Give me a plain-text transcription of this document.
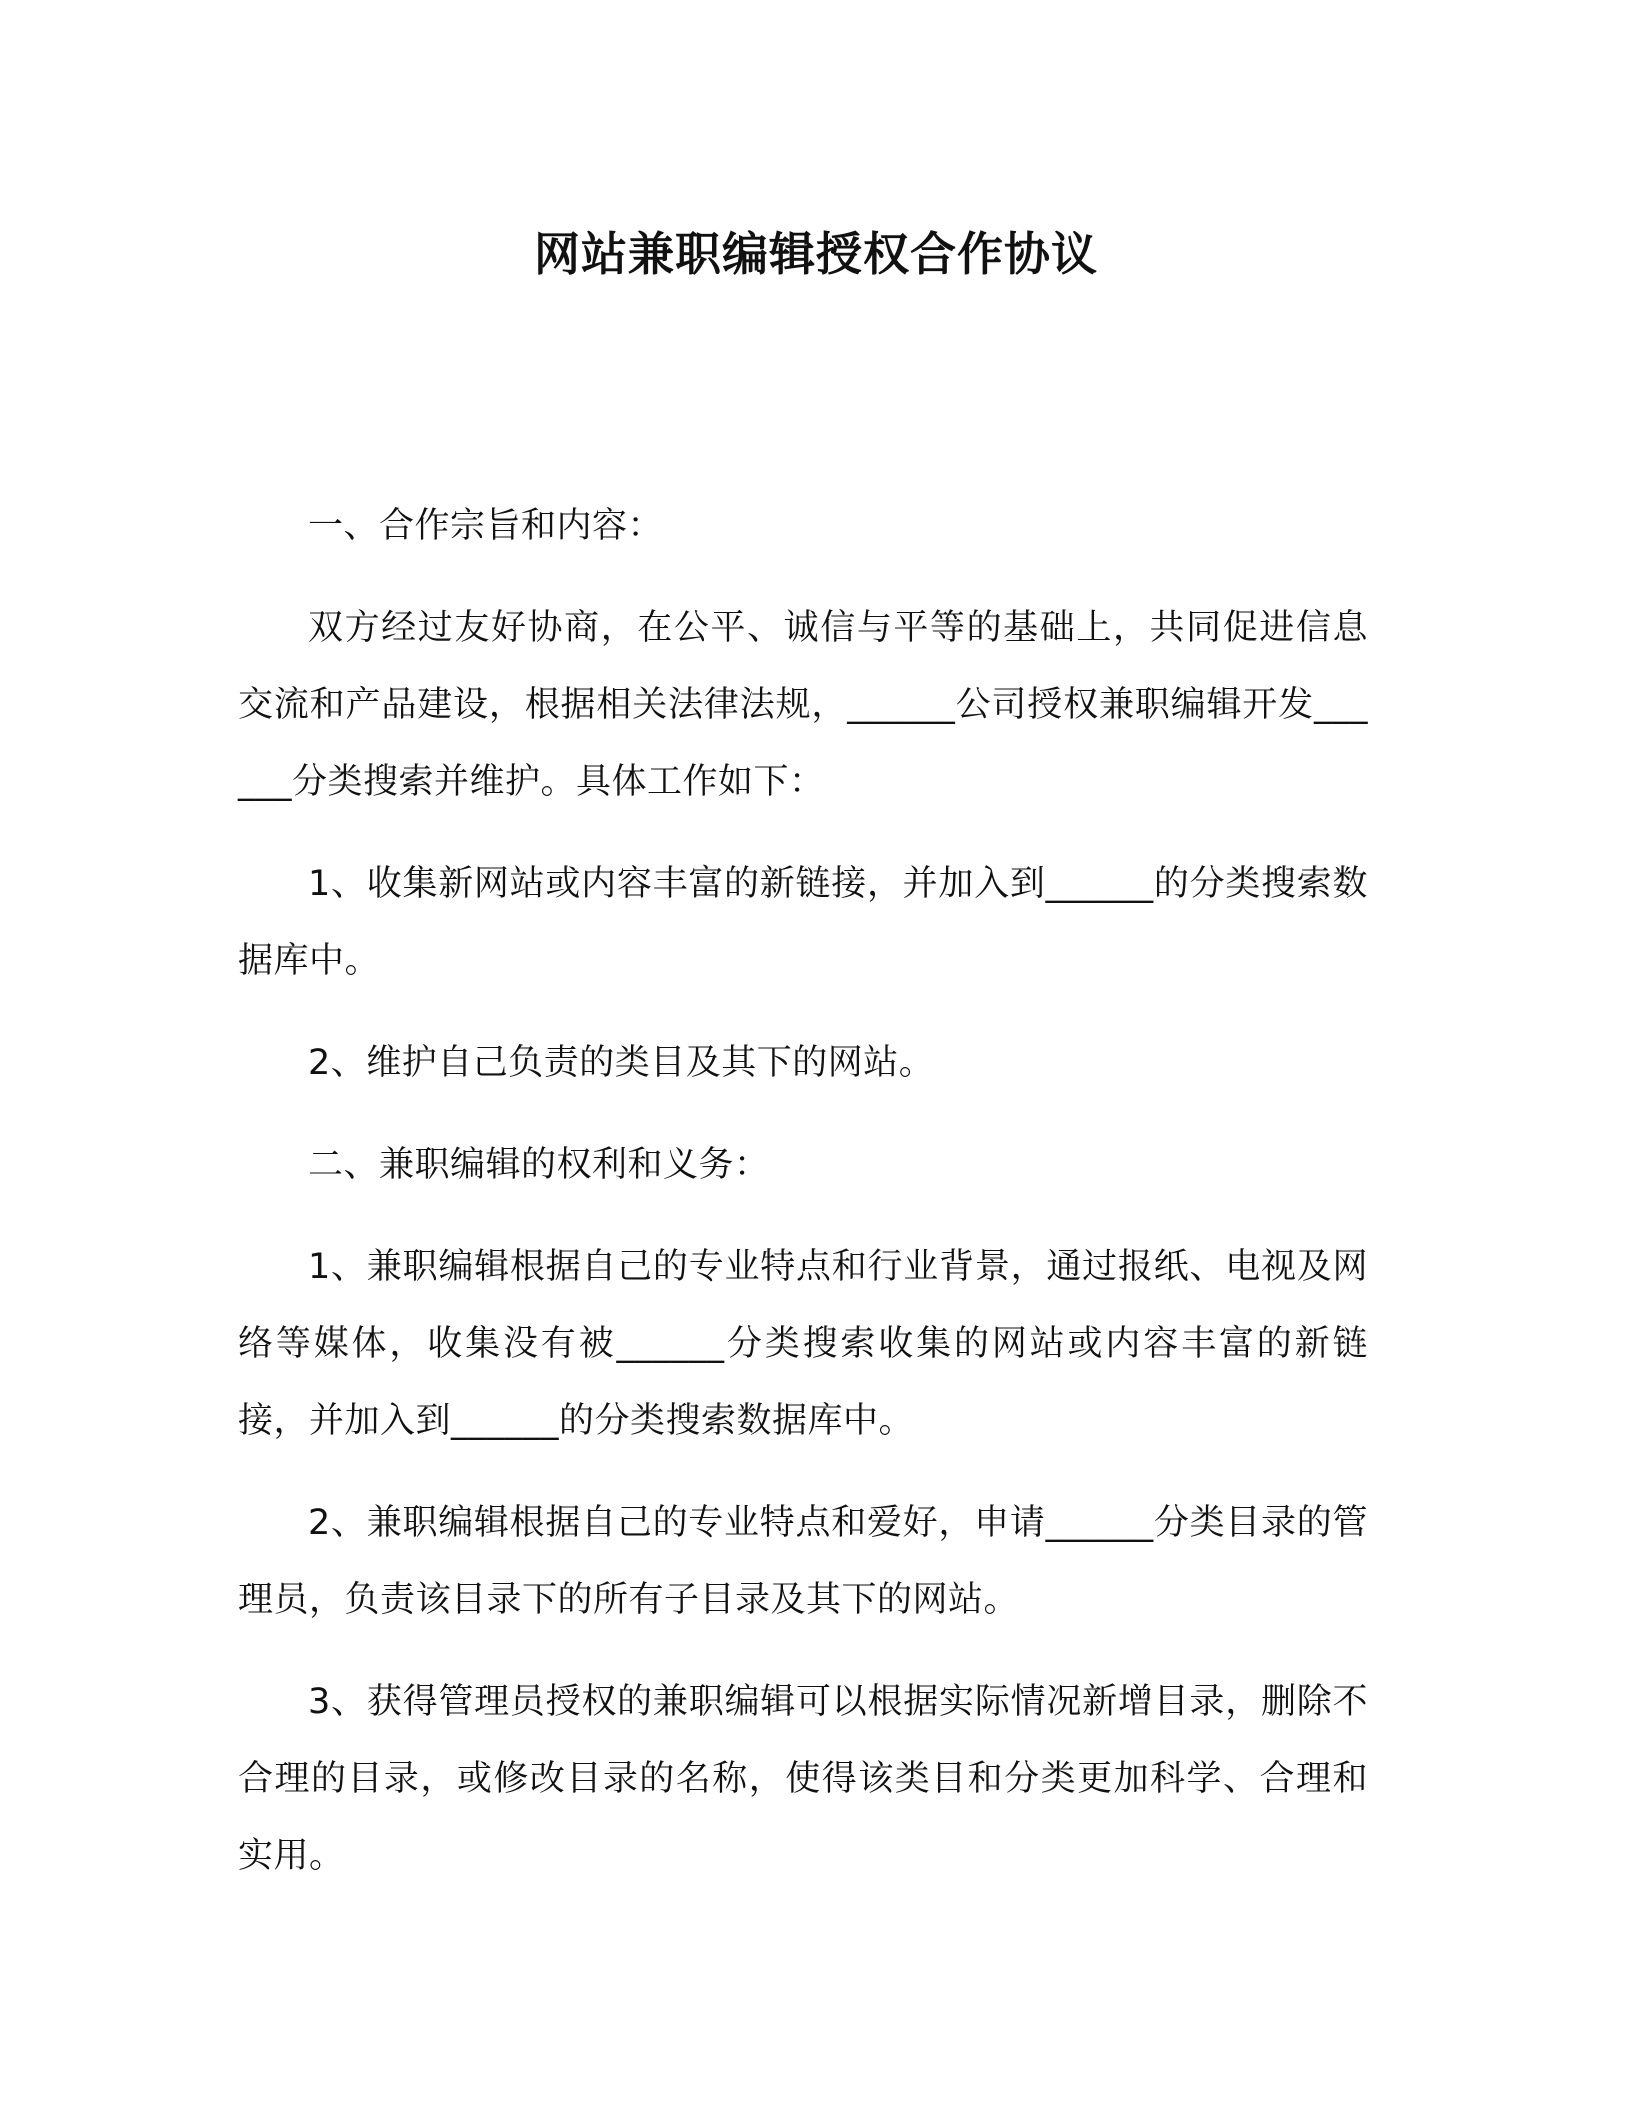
网站兼职编辑授权合作协议

一、合作宗旨和内容：

双方经过友好协商，在公平、诚信与平等的基础上，共同促进信息交流和产品建设，根据相关法律法规，______公司授权兼职编辑开发______分类搜索并维护。具体工作如下：

1、收集新网站或内容丰富的新链接，并加入到______的分类搜索数据库中。

2、维护自己负责的类目及其下的网站。

二、兼职编辑的权利和义务：

1、兼职编辑根据自己的专业特点和行业背景，通过报纸、电视及网络等媒体，收集没有被______分类搜索收集的网站或内容丰富的新链接，并加入到______的分类搜索数据库中。

2、兼职编辑根据自己的专业特点和爱好，申请______分类目录的管理员，负责该目录下的所有子目录及其下的网站。

3、获得管理员授权的兼职编辑可以根据实际情况新增目录，删除不合理的目录，或修改目录的名称，使得该类目和分类更加科学、合理和实用。
